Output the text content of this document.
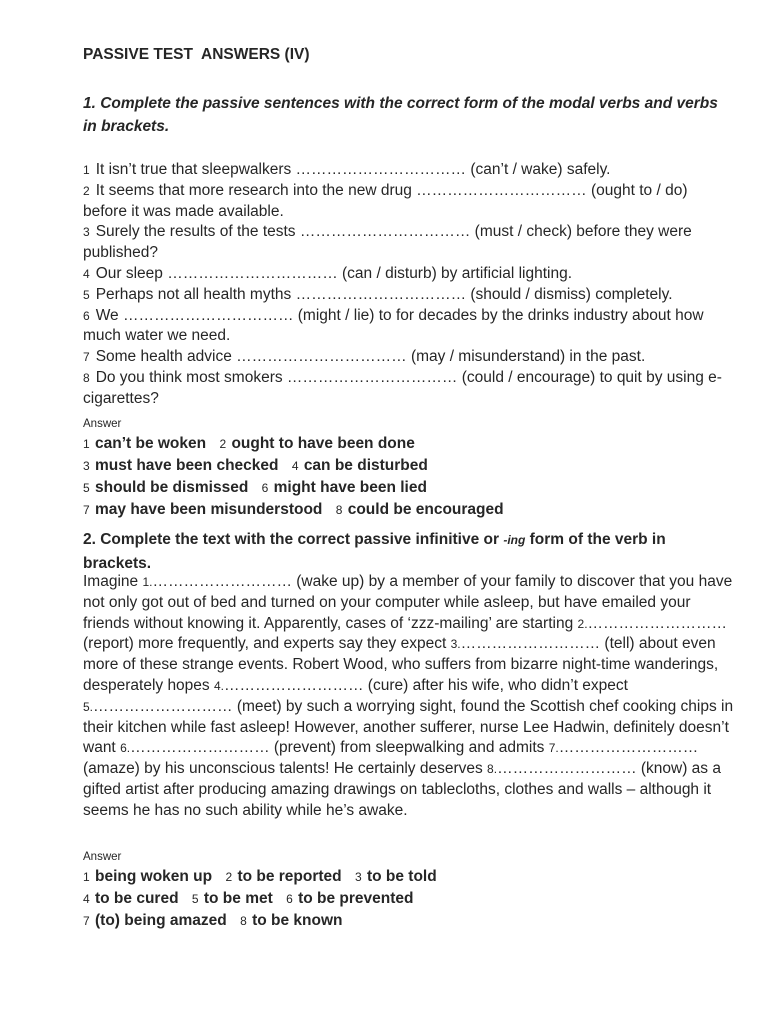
PASSIVE TEST  ANSWERS (IV)
1. Complete the passive sentences with the correct form of the modal verbs and verbs in brackets.
1 It isn’t true that sleepwalkers …………………………… (can’t / wake) safely.
2 It seems that more research into the new drug …………………………… (ought to / do) before it was made available.
3 Surely the results of the tests …………………………… (must / check) before they were published?
4 Our sleep …………………………… (can / disturb) by artificial lighting.
5 Perhaps not all health myths …………………………… (should / dismiss) completely.
6 We …………………………… (might / lie) to for decades by the drinks industry about how much water we need.
7 Some health advice …………………………… (may / misunderstand) in the past.
8 Do you think most smokers …………………………… (could / encourage) to quit by using e-cigarettes?
Answer
1 can’t be woken 2 ought to have been done
3 must have been checked 4 can be disturbed
5 should be dismissed 6 might have been lied
7 may have been misunderstood 8 could be encouraged
2. Complete the text with the correct passive infinitive or -ing form of the verb in brackets.
Imagine 1.……………………… (wake up) by a member of your family to discover that you have not only got out of bed and turned on your computer while asleep, but have emailed your friends without knowing it. Apparently, cases of ‘zzz-mailing’ are starting 2.……………………… (report) more frequently, and experts say they expect 3.……………………… (tell) about even more of these strange events. Robert Wood, who suffers from bizarre night-time wanderings, desperately hopes 4.……………………… (cure) after his wife, who didn’t expect 5.……………………… (meet) by such a worrying sight, found the Scottish chef cooking chips in their kitchen while fast asleep! However, another sufferer, nurse Lee Hadwin, definitely doesn’t want 6.……………………… (prevent) from sleepwalking and admits 7.……………………… (amaze) by his unconscious talents! He certainly deserves 8.……………………… (know) as a gifted artist after producing amazing drawings on tablecloths, clothes and walls – although it seems he has no such ability while he’s awake.
Answer
1 being woken up 2 to be reported 3 to be told
4 to be cured 5 to be met 6 to be prevented
7 (to) being amazed 8 to be known
